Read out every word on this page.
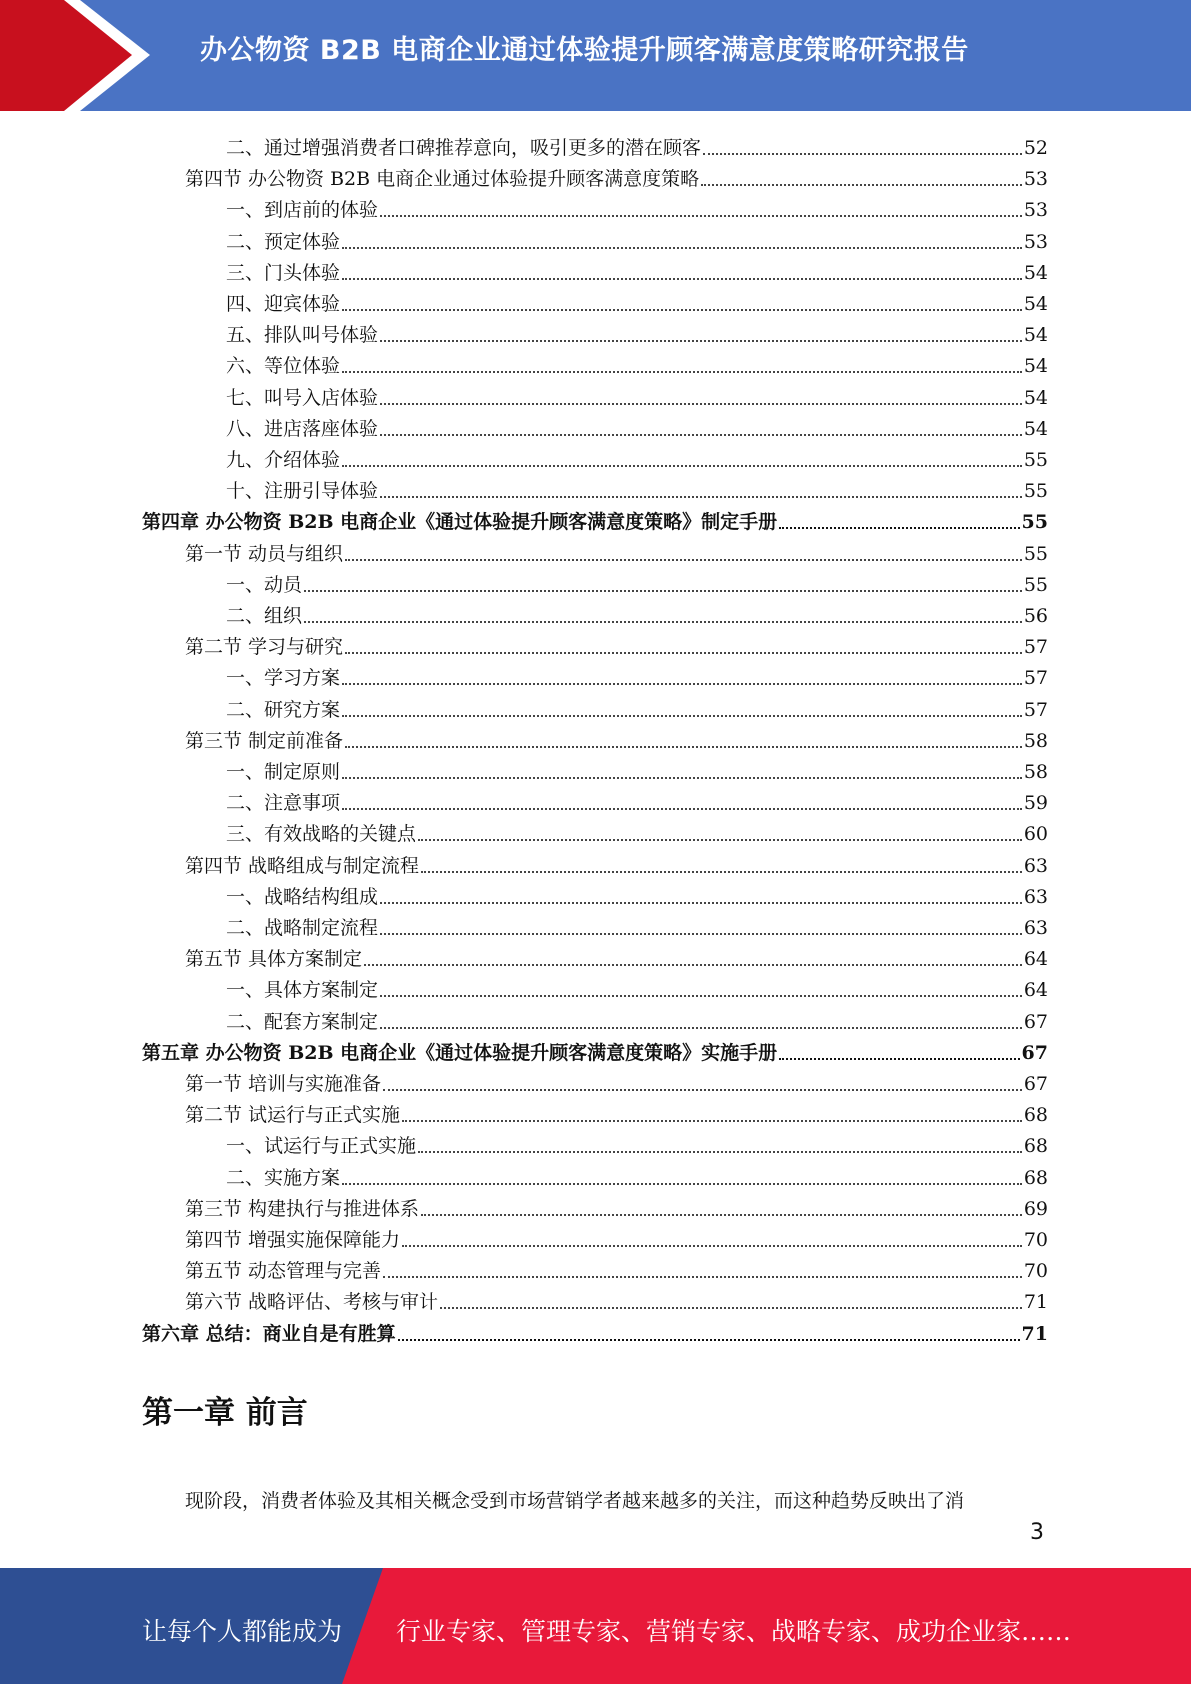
办公物资 B2B 电商企业通过体验提升顾客满意度策略研究报告
二、通过增强消费者口碑推荐意向，吸引更多的潜在顾客	52
第四节 办公物资 B2B 电商企业通过体验提升顾客满意度策略	53
一、到店前的体验	53
二、预定体验	53
三、门头体验	54
四、迎宾体验	54
五、排队叫号体验	54
六、等位体验	54
七、叫号入店体验	54
八、进店落座体验	54
九、介绍体验	55
十、注册引导体验	55
第四章 办公物资 B2B 电商企业《通过体验提升顾客满意度策略》制定手册	55
第一节 动员与组织	55
一、动员	55
二、组织	56
第二节 学习与研究	57
一、学习方案	57
二、研究方案	57
第三节 制定前准备	58
一、制定原则	58
二、注意事项	59
三、有效战略的关键点	60
第四节 战略组成与制定流程	63
一、战略结构组成	63
二、战略制定流程	63
第五节 具体方案制定	64
一、具体方案制定	64
二、配套方案制定	67
第五章 办公物资 B2B 电商企业《通过体验提升顾客满意度策略》实施手册	67
第一节 培训与实施准备	67
第二节 试运行与正式实施	68
一、试运行与正式实施	68
二、实施方案	68
第三节 构建执行与推进体系	69
第四节 增强实施保障能力	70
第五节 动态管理与完善	70
第六节 战略评估、考核与审计	71
第六章 总结：商业自是有胜算	71
第一章 前言
现阶段，消费者体验及其相关概念受到市场营销学者越来越多的关注，而这种趋势反映出了消
3
让每个人都能成为 行业专家、管理专家、营销专家、战略专家、成功企业家……
